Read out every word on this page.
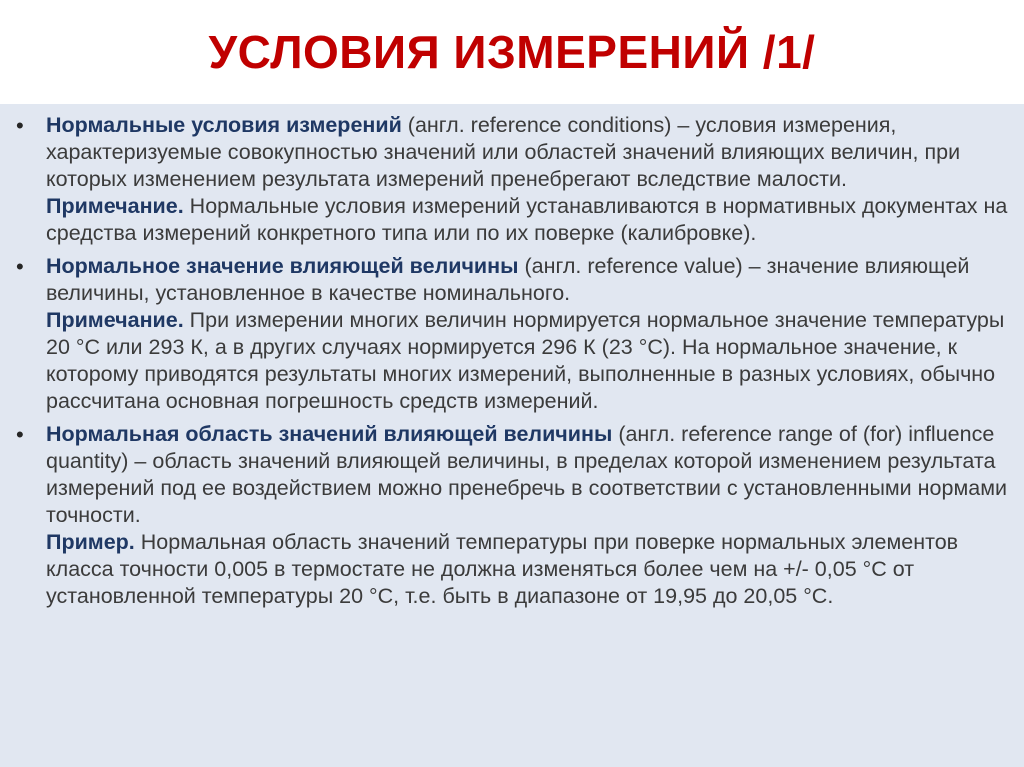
УСЛОВИЯ ИЗМЕРЕНИЙ /1/
• Нормальные условия измерений (англ. reference conditions) – условия измерения, характеризуемые совокупностью значений или областей значений влияющих величин, при которых изменением результата измерений пренебрегают вследствие малости.

Примечание. Нормальные условия измерений устанавливаются в нормативных документах на средства измерений конкретного типа или по их поверке (калибровке).

• Нормальное значение влияющей величины (англ. reference value) – значение влияющей величины, установленное в качестве номинального.

Примечание. При измерении многих величин нормируется нормальное значение температуры 20 °С или 293 К, а в других случаях нормируется 296 К (23 °С). На нормальное значение, к которому приводятся результаты многих измерений, выполненные в разных условиях, обычно рассчитана основная погрешность средств измерений.

• Нормальная область значений влияющей величины (англ. reference range of (for) influence quantity) – область значений влияющей величины, в пределах которой изменением результата измерений под ее воздействием можно пренебречь в соответствии с установленными нормами точности.

Пример. Нормальная область значений температуры при поверке нормальных элементов класса точности 0,005 в термостате не должна изменяться более чем на +/- 0,05 °С от установленной температуры 20 °С, т.е. быть в диапазоне от 19,95 до 20,05 °С.
